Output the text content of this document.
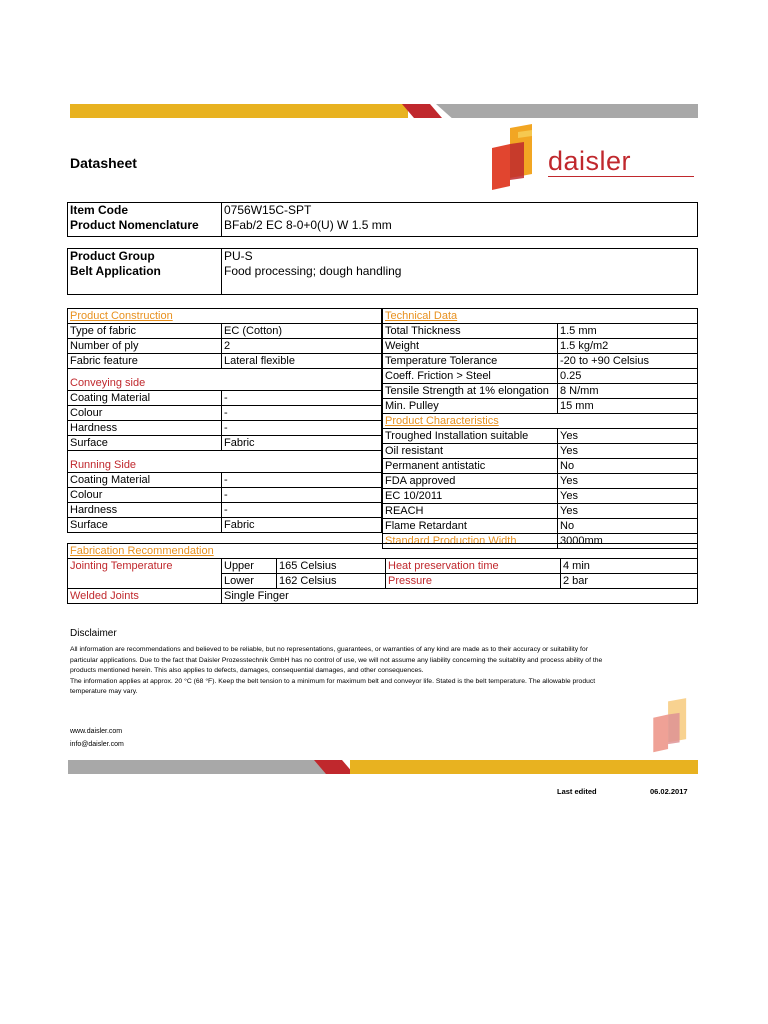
Datasheet	daisler
Item Code	0756W15C-SPT
Product Nomenclature	BFab/2 EC 8-0+0(U) W 1.5 mm
Product Group	PU-S
Belt Application	Food processing; dough handling
Product Construction	
Type of fabric	EC (Cotton)
Number of ply	2
Fabric feature	Lateral flexible
Conveying side	
Coating Material	-
Colour	-
Hardness	-
Surface	Fabric
Running Side	
Coating Material	-
Colour	-
Hardness	-
Surface	Fabric
Technical Data	
Total Thickness	1.5 mm
Weight	1.5 kg/m2
Temperature Tolerance	-20 to +90 Celsius
Coeff. Friction > Steel	0.25
Tensile Strength at 1% elongation	8 N/mm
Min. Pulley	15 mm
Product Characteristics	
Troughed Installation suitable	Yes
Oil resistant	Yes
Permanent antistatic	No
FDA approved	Yes
EC 10/2011	Yes
REACH	Yes
Flame Retardant	No
Standard Production Width	3000mm
Fabrication Recommendation				
Jointing Temperature	Upper	165 Celsius	Heat preservation time	4 min
	Lower	162 Celsius	Pressure	2 bar
Welded Joints	Single Finger			
Disclaimer
All information are recommendations and believed to be reliable, but no representations, guarantees, or warranties of any kind are made as to their accuracy or suitability for
particular applications. Due to the fact that Daisler Prozesstechnik GmbH has no control of use, we will not assume any liability concerning the suitablity and process ability of the
products mentioned herein. This also applies to defects, damages, consequential damages, and other consequences.
The information applies at approx. 20 °C (68 °F). Keep the belt tension to a minimum for maximum belt and conveyor life. Stated is the belt temperature. The allowable product
temperature may vary.
www.daisler.com
info@daisler.com
Last edited	06.02.2017
